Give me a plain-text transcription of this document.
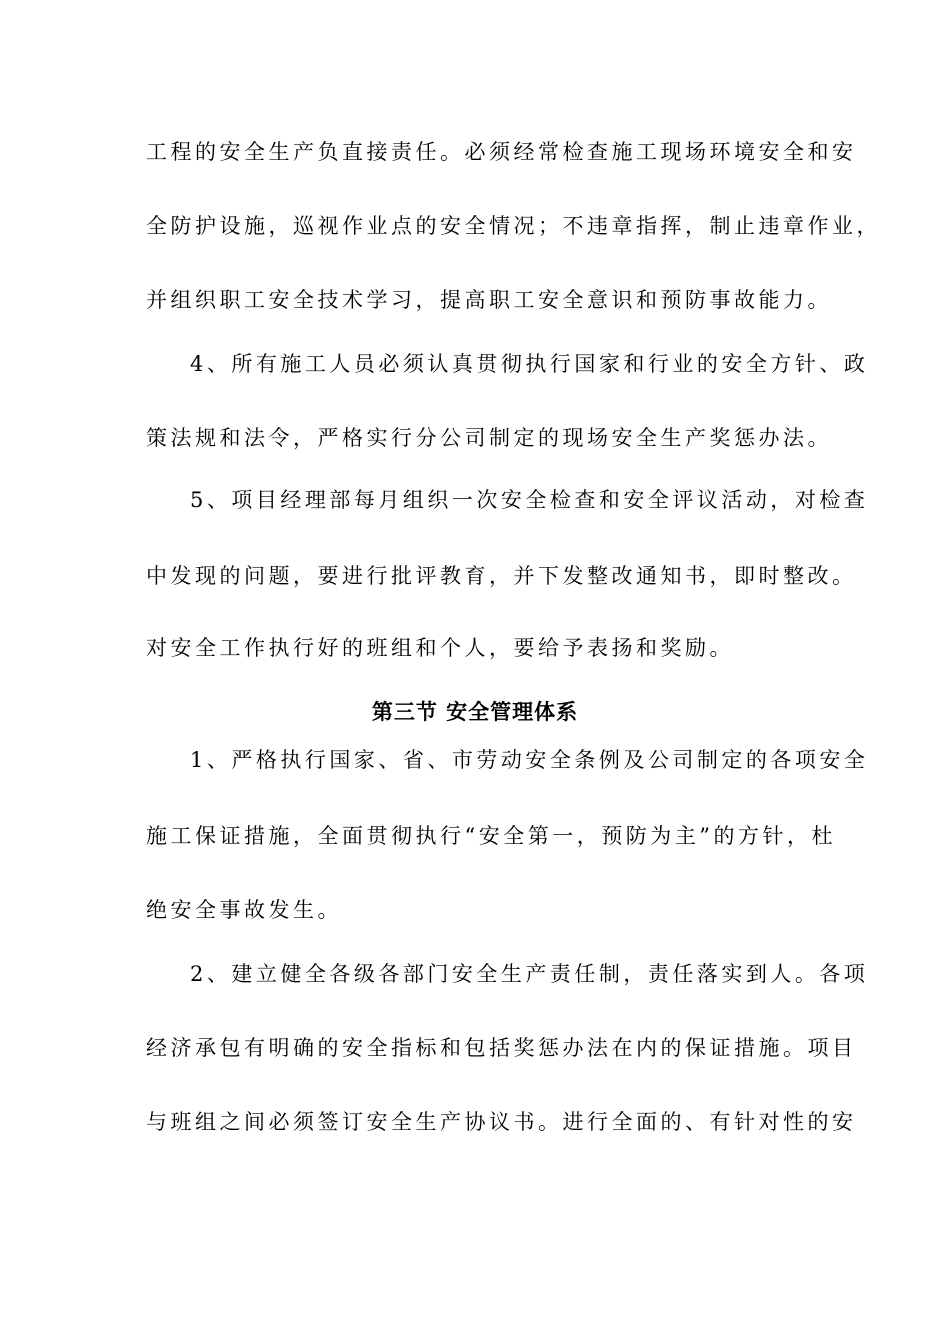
工程的安全生产负直接责任。必须经常检查施工现场环境安全和安
全防护设施，巡视作业点的安全情况；不违章指挥，制止违章作业，
并组织职工安全技术学习，提高职工安全意识和预防事故能力。
4、所有施工人员必须认真贯彻执行国家和行业的安全方针、政
策法规和法令，严格实行分公司制定的现场安全生产奖惩办法。
5、项目经理部每月组织一次安全检查和安全评议活动，对检查
中发现的问题，要进行批评教育，并下发整改通知书，即时整改。
对安全工作执行好的班组和个人，要给予表扬和奖励。
第三节 安全管理体系
1、严格执行国家、省、市劳动安全条例及公司制定的各项安全
施工保证措施，全面贯彻执行“安全第一，预防为主”的方针，杜
绝安全事故发生。
2、建立健全各级各部门安全生产责任制，责任落实到人。各项
经济承包有明确的安全指标和包括奖惩办法在内的保证措施。项目
与班组之间必须签订安全生产协议书。进行全面的、有针对性的安
